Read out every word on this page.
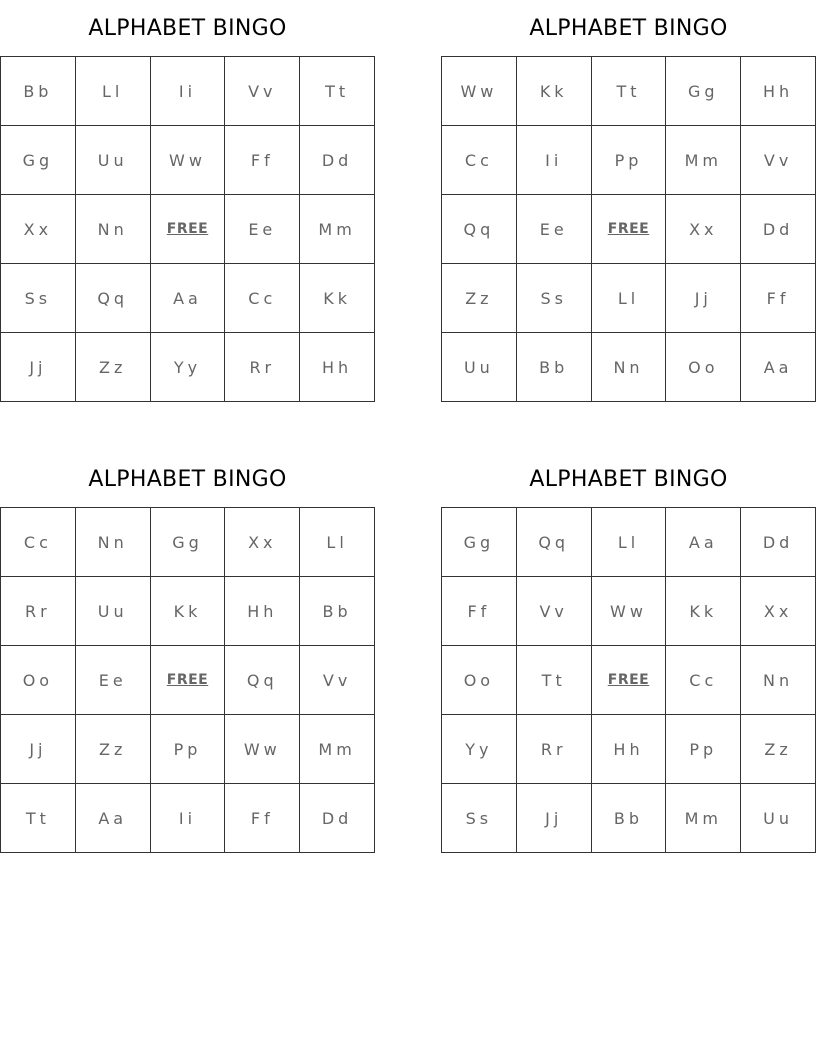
ALPHABET BINGO
Bb	Ll	Ii	Vv	Tt
Gg	Uu	Ww	Ff	Dd
Xx	Nn	FREE	Ee	Mm
Ss	Qq	Aa	Cc	Kk
Jj	Zz	Yy	Rr	Hh
ALPHABET BINGO
Ww	Kk	Tt	Gg	Hh
Cc	Ii	Pp	Mm	Vv
Qq	Ee	FREE	Xx	Dd
Zz	Ss	Ll	Jj	Ff
Uu	Bb	Nn	Oo	Aa
ALPHABET BINGO
Cc	Nn	Gg	Xx	Ll
Rr	Uu	Kk	Hh	Bb
Oo	Ee	FREE	Qq	Vv
Jj	Zz	Pp	Ww	Mm
Tt	Aa	Ii	Ff	Dd
ALPHABET BINGO
Gg	Qq	Ll	Aa	Dd
Ff	Vv	Ww	Kk	Xx
Oo	Tt	FREE	Cc	Nn
Yy	Rr	Hh	Pp	Zz
Ss	Jj	Bb	Mm	Uu
